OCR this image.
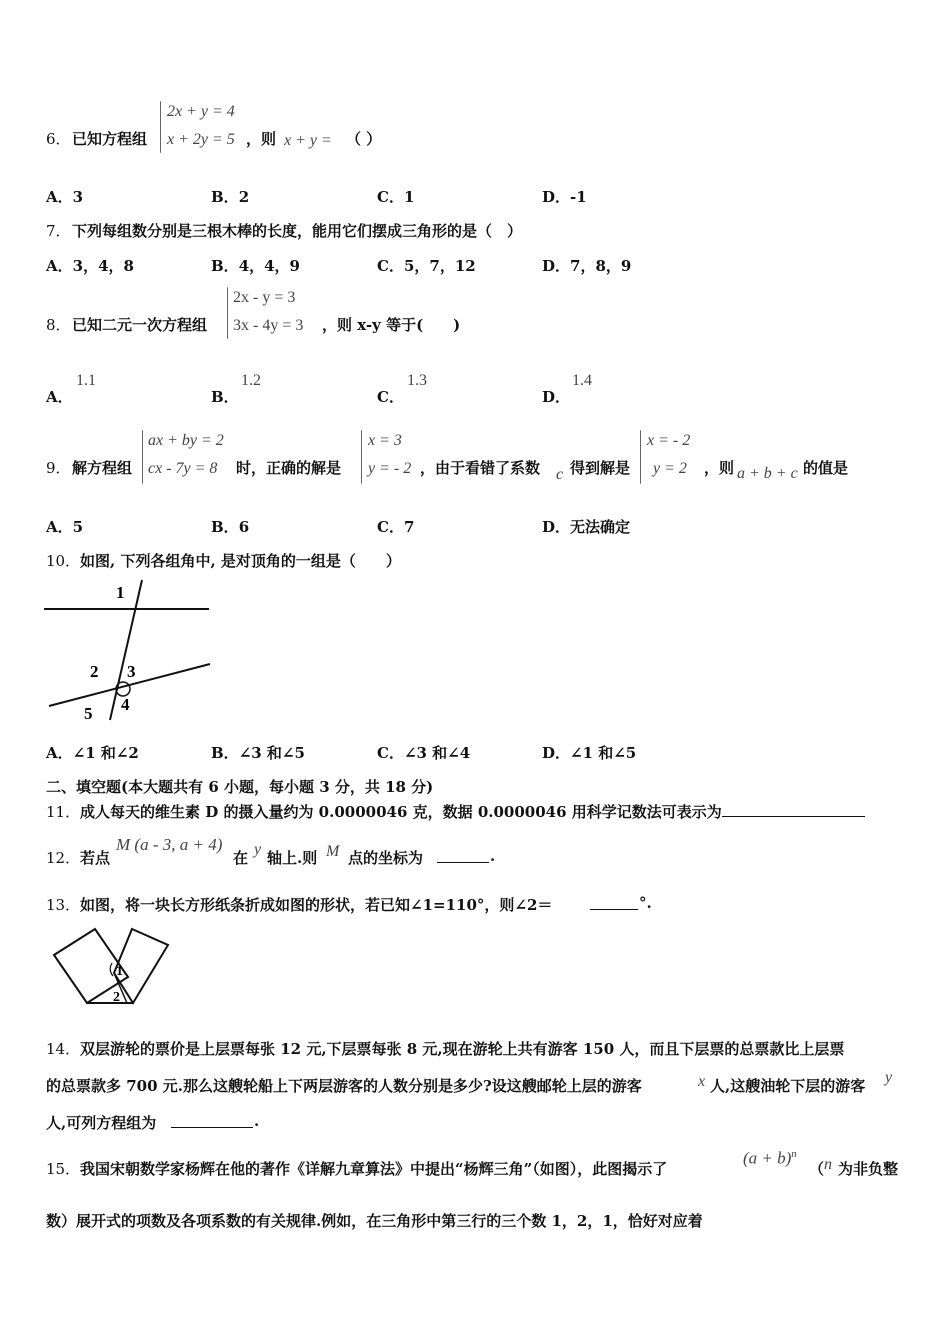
6． 已知方程组
2x + y = 4
x + 2y = 5 ，则 x + y = （ ）
A．3	B．2	C．1	D．-1
7． 下列每组数分别是三根木棒的长度，能用它们摆成三角形的是（　）
A．3，4，8	B．4，4，9	C．5，7，12	D．7，8，9
8． 已知二元一次方程组
2x - y = 3
3x - 4y = 3 ，则 x-y 等于(　　)
A．
1.1
B．
1.2
C．
1.3
D．
1.4
9． 解方程组
ax + by = 2
cx - 7y = 8	时，正确的解是
x = 3
y = - 2 ，由于看错了系数 c 得到解是
x = - 2
y = 2 ，则 a + b + c 的值是
A．5	B．6	C．7	D．无法确定
10． 如图, 下列各组角中, 是对顶角的一组是（　　）
1
2 3
5 4
A．∠1 和∠2	B．∠3 和∠5	C．∠3 和∠4	D．∠1 和∠5
二、填空题(本大题共有 6 小题，每小题 3 分，共 18 分)
11． 成人每天的维生素 D 的摄入量约为 0.0000046 克，数据 0.0000046 用科学记数法可表示为
12． 若点
M (a - 3, a + 4)
在 y 轴上.则 M 点的坐标为	.
13． 如图，将一块长方形纸条折成如图的形状，若已知∠1=110°，则∠2＝	°.
1
2
14． 双层游轮的票价是上层票每张 12 元,下层票每张 8 元,现在游轮上共有游客 150 人，而且下层票的总票款比上层票
的总票款多 700 元.那么这艘轮船上下两层游客的人数分别是多少?设这艘邮轮上层的游客	x 人,这艘油轮下层的游客 y
人,可列方程组为	.
15． 我国宋朝数学家杨辉在他的著作《详解九章算法》中提出“杨辉三角”（如图），此图揭示了
$(a + b)^n$
（ n 为非负整
数）展开式的项数及各项系数的有关规律.例如，在三角形中第三行的三个数 1，2，1，恰好对应着
